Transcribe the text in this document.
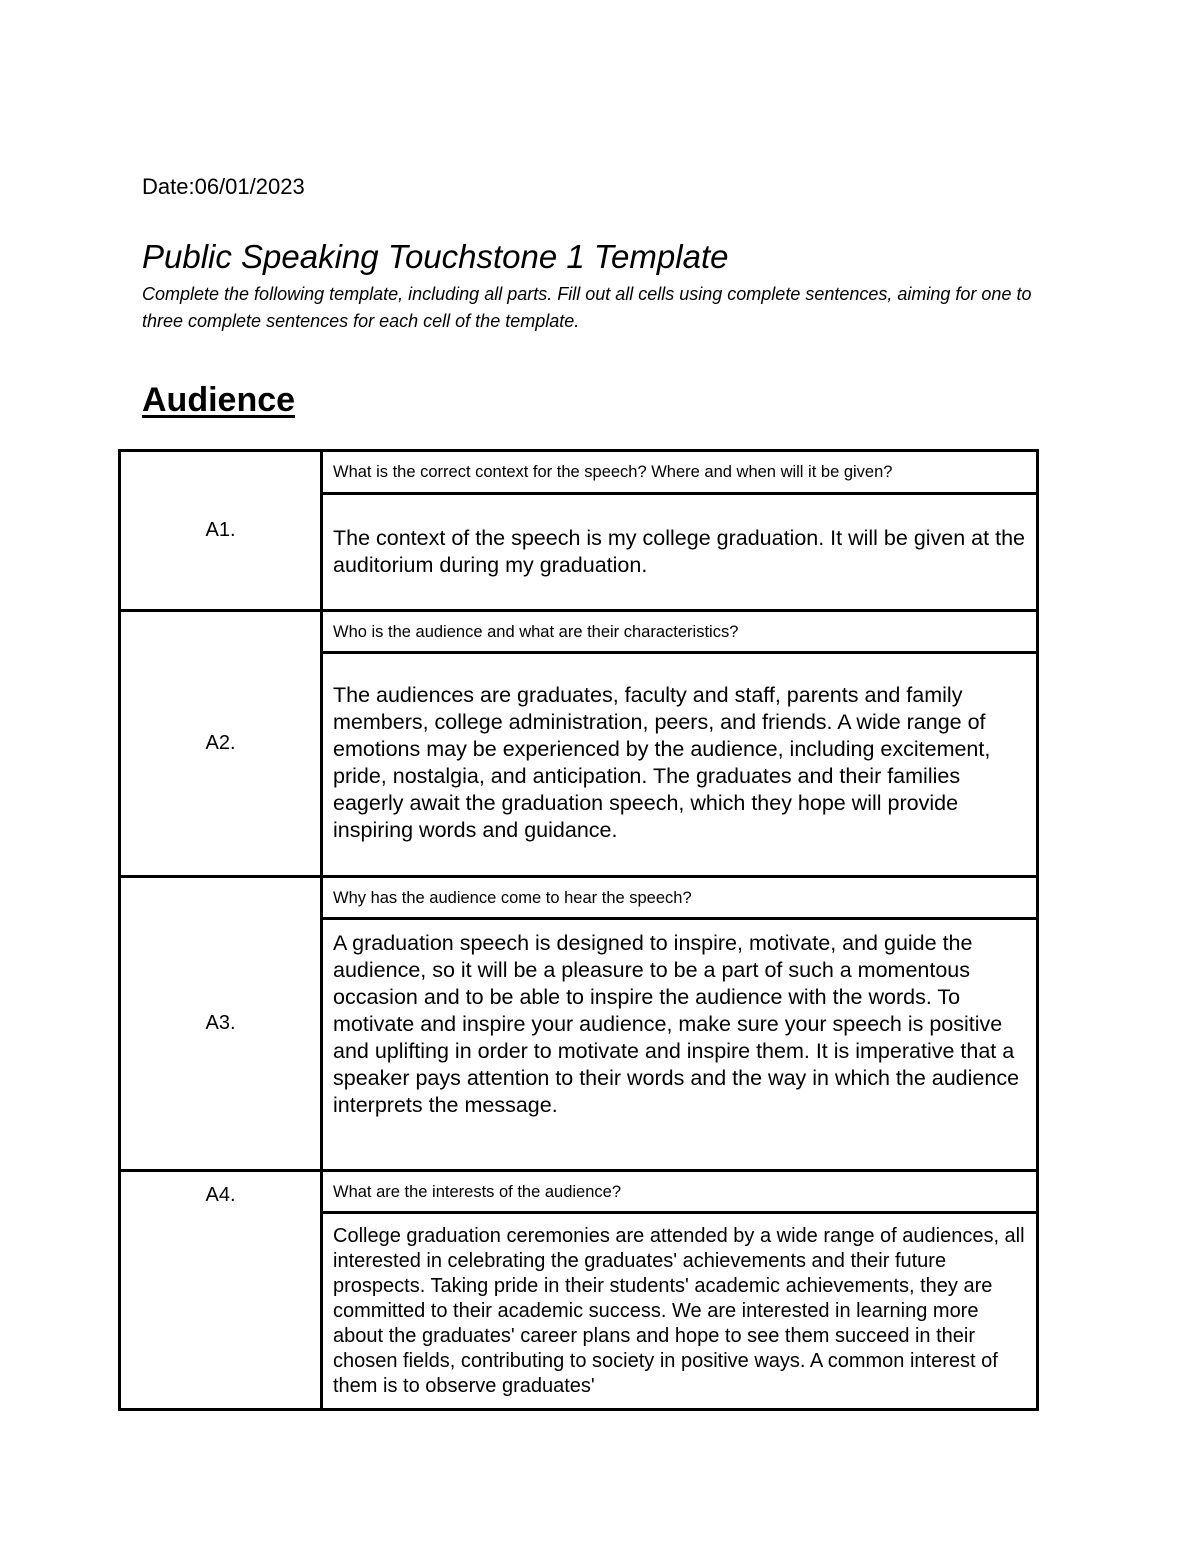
Date:06/01/2023
Public Speaking Touchstone 1 Template
Complete the following template, including all parts. Fill out all cells using complete sentences, aiming for one to three complete sentences for each cell of the template.
Audience
A1.	What is the correct context for the speech? Where and when will it be given?
	The context of the speech is my college graduation. It will be given at the auditorium during my graduation.
A2.	Who is the audience and what are their characteristics?
	The audiences are graduates, faculty and staff, parents and family members, college administration, peers, and friends. A wide range of emotions may be experienced by the audience, including excitement, pride, nostalgia, and anticipation. The graduates and their families eagerly await the graduation speech, which they hope will provide inspiring words and guidance.
A3.	Why has the audience come to hear the speech?
	A graduation speech is designed to inspire, motivate, and guide the audience, so it will be a pleasure to be a part of such a momentous occasion and to be able to inspire the audience with the words. To motivate and inspire your audience, make sure your speech is positive and uplifting in order to motivate and inspire them. It is imperative that a speaker pays attention to their words and the way in which the audience interprets the message.
A4.	What are the interests of the audience?
	College graduation ceremonies are attended by a wide range of audiences, all interested in celebrating the graduates' achievements and their future prospects. Taking pride in their students' academic achievements, they are committed to their academic success. We are interested in learning more about the graduates' career plans and hope to see them succeed in their chosen fields, contributing to society in positive ways. A common interest of them is to observe graduates'
